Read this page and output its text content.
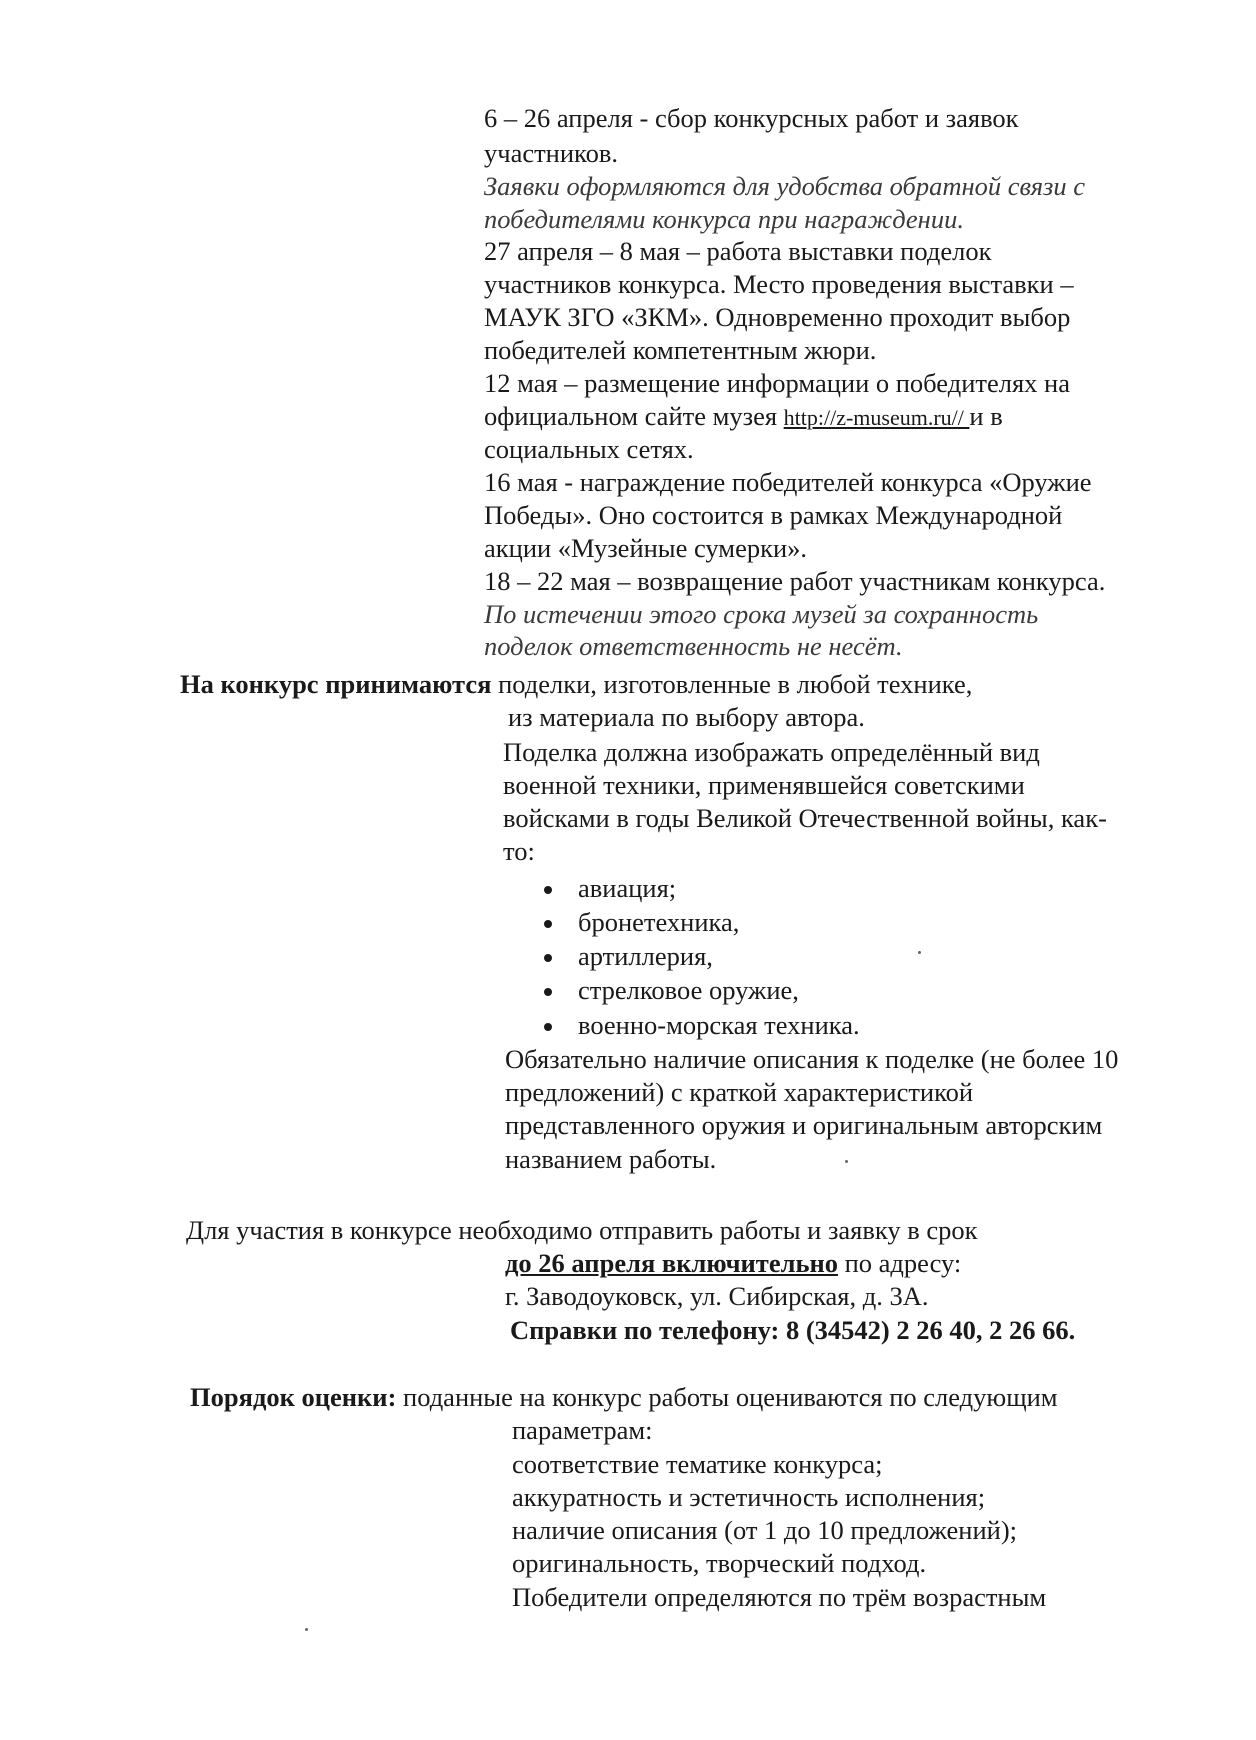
6 – 26 апреля - сбор конкурсных работ и заявок
участников.
Заявки оформляются для удобства обратной связи с
победителями конкурса при награждении.
27 апреля – 8 мая – работа выставки поделок
участников конкурса. Место проведения выставки –
МАУК ЗГО «ЗКМ». Одновременно проходит выбор
победителей компетентным жюри.
12 мая – размещение информации о победителях на
официальном сайте музея http://z-museum.ru// и в
социальных сетях.
16 мая - награждение победителей конкурса «Оружие
Победы». Оно состоится в рамках Международной
акции «Музейные сумерки».
18 – 22 мая – возвращение работ участникам конкурса.
По истечении этого срока музей за сохранность
поделок ответственность не несёт.
На конкурс принимаются поделки, изготовленные в любой технике,
из материала по выбору автора.
Поделка должна изображать определённый вид
военной техники, применявшейся советскими
войсками в годы Великой Отечественной войны, как-
то:
авиация;
бронетехника,
артиллерия,
стрелковое оружие,
военно-морская техника.
Обязательно наличие описания к поделке (не более 10
предложений) с краткой характеристикой
представленного оружия и оригинальным авторским
названием работы.
Для участия в конкурсе необходимо отправить работы и заявку в срок
до 26 апреля включительно по адресу:
г. Заводоуковск, ул. Сибирская, д. 3А.
Справки по телефону: 8 (34542) 2 26 40, 2 26 66.
Порядок оценки: поданные на конкурс работы оцениваются по следующим
параметрам:
соответствие тематике конкурса;
аккуратность и эстетичность исполнения;
наличие описания (от 1 до 10 предложений);
оригинальность, творческий подход.
Победители определяются по трём возрастным
